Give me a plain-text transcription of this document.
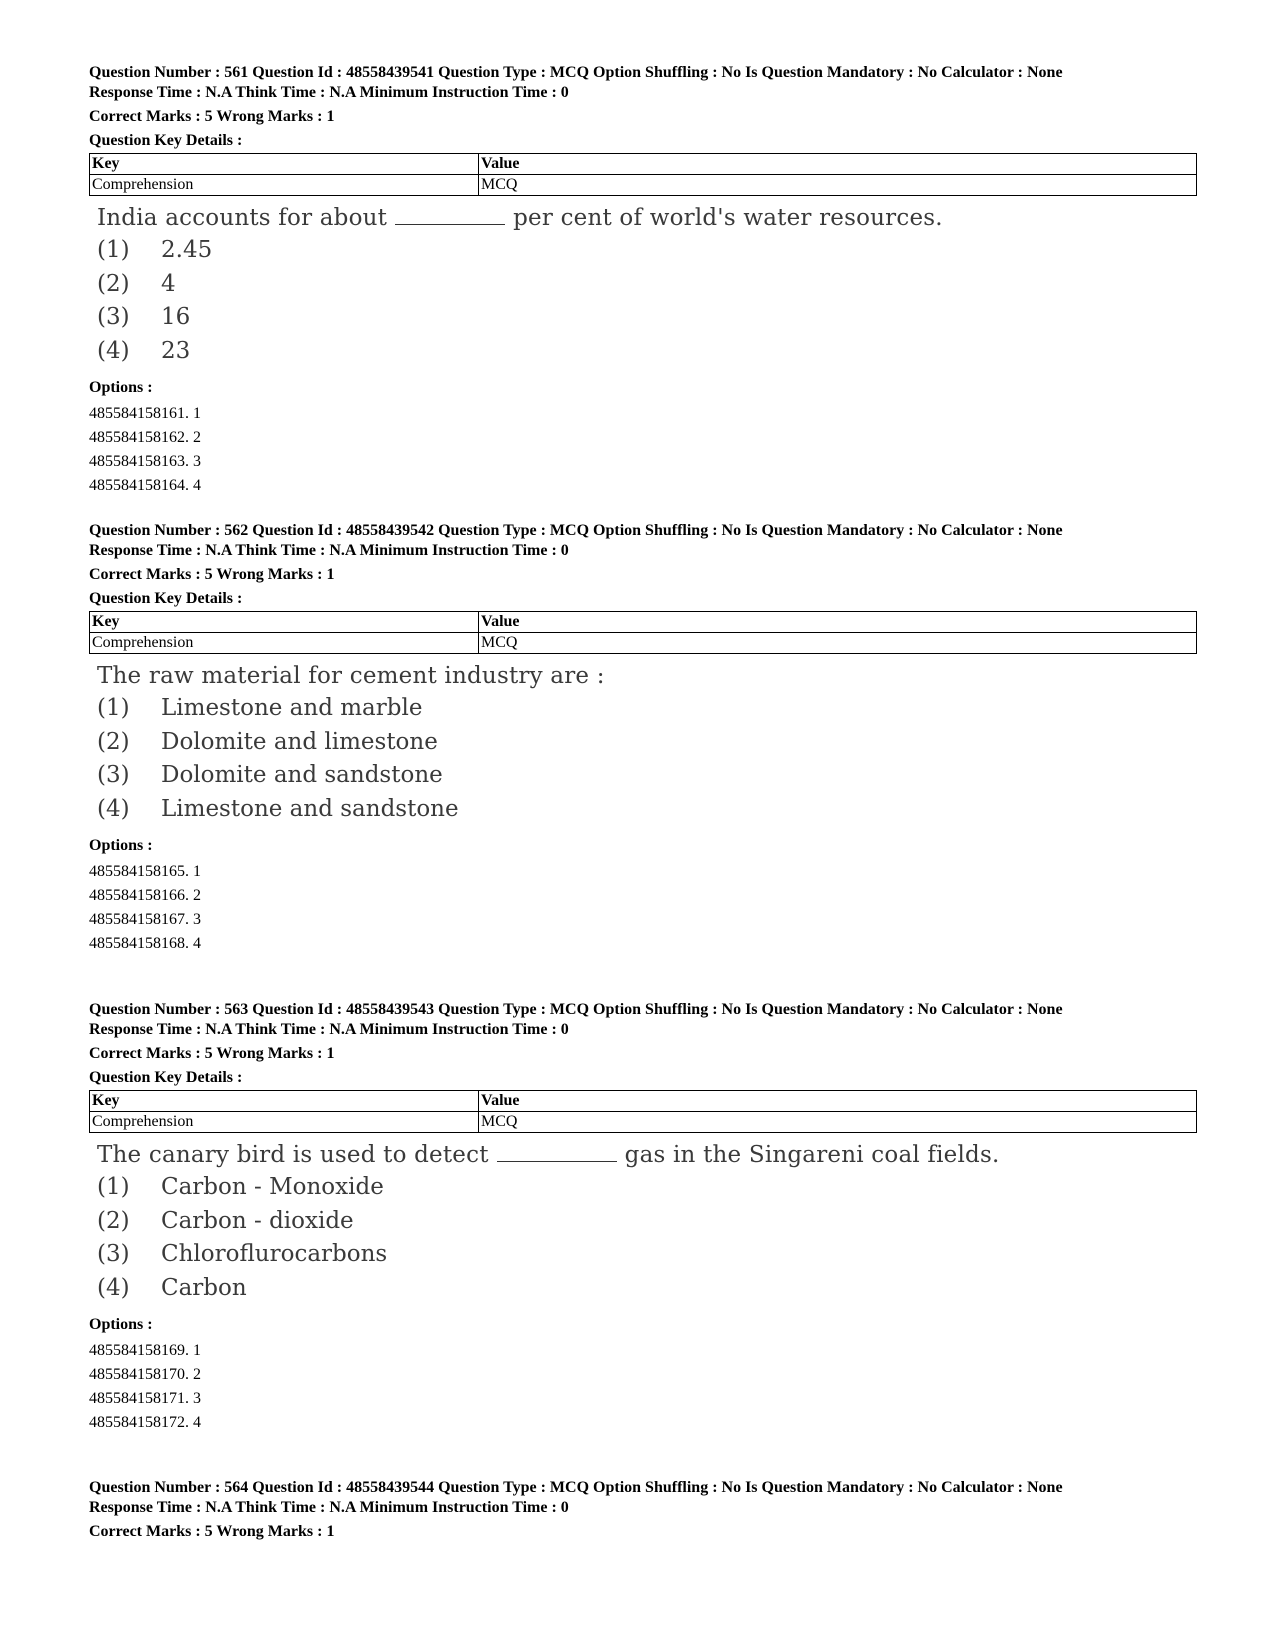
Question Number : 561 Question Id : 48558439541 Question Type : MCQ Option Shuffling : No Is Question Mandatory : No Calculator : None

Response Time : N.A Think Time : N.A Minimum Instruction Time : 0

Correct Marks : 5 Wrong Marks : 1

Question Key Details :

Key	Value
Comprehension	MCQ
India accounts for about	per cent of world's water resources.
(1) 2.45
(2) 4
(3) 16
(4) 23

Options :

485584158161. 1
485584158162. 2
485584158163. 3
485584158164. 4

Question Number : 562 Question Id : 48558439542 Question Type : MCQ Option Shuffling : No Is Question Mandatory : No Calculator : None

Response Time : N.A Think Time : N.A Minimum Instruction Time : 0

Correct Marks : 5 Wrong Marks : 1

Question Key Details :

Key	Value
Comprehension	MCQ
The raw material for cement industry are :
(1) Limestone and marble
(2) Dolomite and limestone
(3) Dolomite and sandstone
(4) Limestone and sandstone

Options :

485584158165. 1
485584158166. 2
485584158167. 3
485584158168. 4

Question Number : 563 Question Id : 48558439543 Question Type : MCQ Option Shuffling : No Is Question Mandatory : No Calculator : None

Response Time : N.A Think Time : N.A Minimum Instruction Time : 0

Correct Marks : 5 Wrong Marks : 1

Question Key Details :

Key	Value
Comprehension	MCQ
The canary bird is used to detect	gas in the Singareni coal fields.
(1) Carbon - Monoxide
(2) Carbon - dioxide
(3) Chloroflurocarbons
(4) Carbon

Options :

485584158169. 1
485584158170. 2
485584158171. 3
485584158172. 4

Question Number : 564 Question Id : 48558439544 Question Type : MCQ Option Shuffling : No Is Question Mandatory : No Calculator : None

Response Time : N.A Think Time : N.A Minimum Instruction Time : 0

Correct Marks : 5 Wrong Marks : 1
